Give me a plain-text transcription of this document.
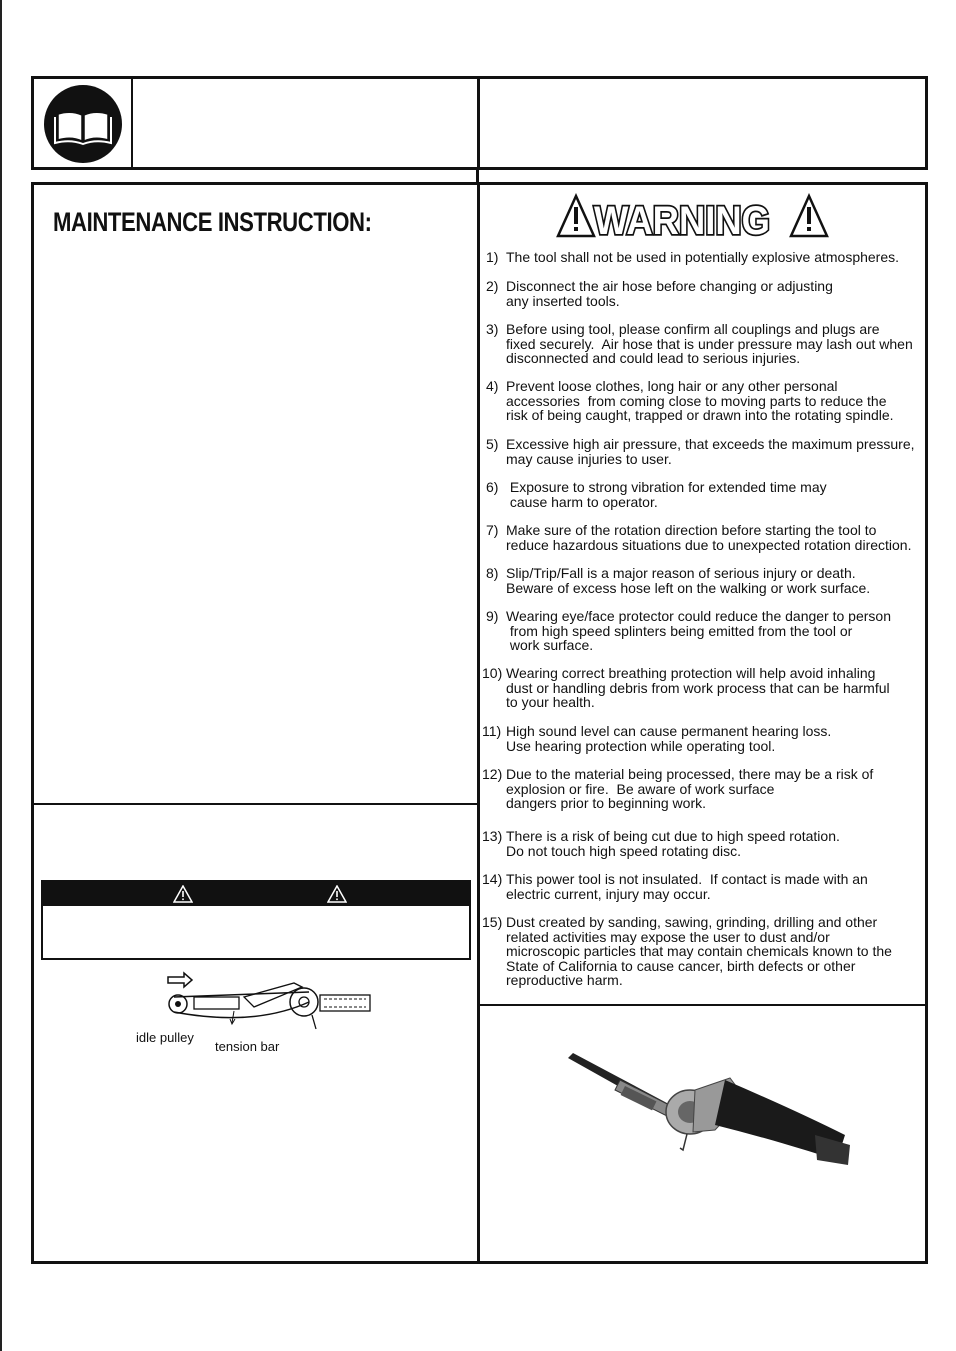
MAINTENANCE INSTRUCTION:
idle pulley
tension bar
WARNING
1) The tool shall not be used in potentially explosive atmospheres.
2) Disconnect the air hose before changing or adjusting
any inserted tools.
3) Before using tool, please confirm all couplings and plugs are
fixed securely.  Air hose that is under pressure may lash out when
disconnected and could lead to serious injuries.
4) Prevent loose clothes, long hair or any other personal
accessories  from coming close to moving parts to reduce the
risk of being caught, trapped or drawn into the rotating spindle.
5) Excessive high air pressure, that exceeds the maximum pressure,
may cause injuries to user.
6) Exposure to strong vibration for extended time may
cause harm to operator.
7) Make sure of the rotation direction before starting the tool to
reduce hazardous situations due to unexpected rotation direction.
8) Slip/Trip/Fall is a major reason of serious injury or death.
Beware of excess hose left on the walking or work surface.
9) Wearing eye/face protector could reduce the danger to person
from high speed splinters being emitted from the tool or
work surface.
10) Wearing correct breathing protection will help avoid inhaling
dust or handling debris from work process that can be harmful
to your health.
11) High sound level can cause permanent hearing loss.
Use hearing protection while operating tool.
12) Due to the material being processed, there may be a risk of
explosion or fire.  Be aware of work surface
dangers prior to beginning work.
13) There is a risk of being cut due to high speed rotation.
Do not touch high speed rotating disc.
14) This power tool is not insulated.  If contact is made with an
electric current, injury may occur.
15) Dust created by sanding, sawing, grinding, drilling and other
related activities may expose the user to dust and/or
microscopic particles that may contain chemicals known to the
State of California to cause cancer, birth defects or other
reproductive harm.
